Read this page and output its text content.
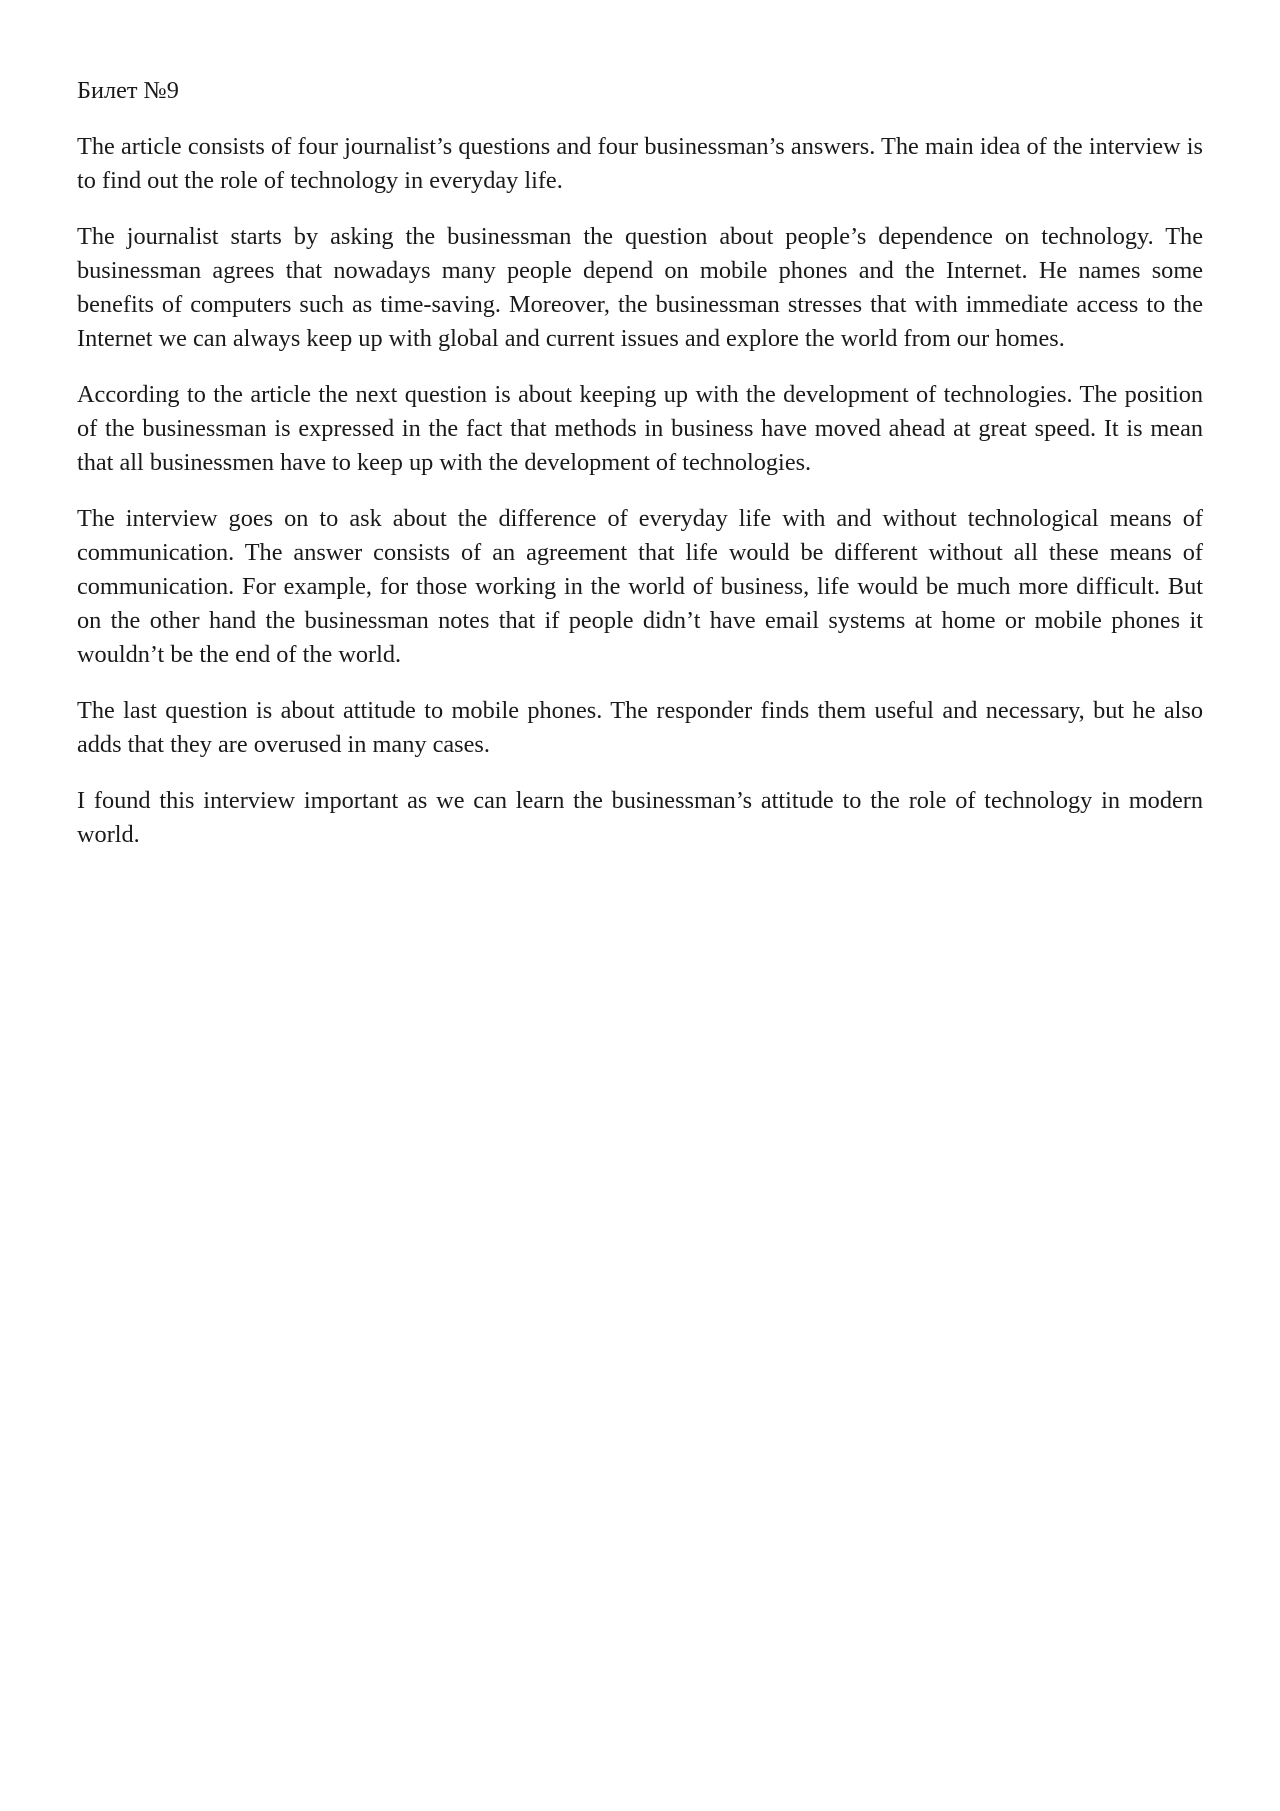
Билет №9

The article consists of four journalist’s questions and four businessman’s answers. The main idea of the interview is to find out the role of technology in everyday life.

The journalist starts by asking the businessman the question about people’s dependence on technology. The businessman agrees that nowadays many people depend on mobile phones and the Internet. He names some benefits of computers such as time-saving. Moreover, the businessman stresses that with immediate access to the Internet we can always keep up with global and current issues and explore the world from our homes.

According to the article the next question is about keeping up with the development of technologies. The position of the businessman is expressed in the fact that methods in business have moved ahead at great speed. It is mean that all businessmen have to keep up with the development of technologies.

The interview goes on to ask about the difference of everyday life with and without technological means of communication. The answer consists of an agreement that life would be different without all these means of communication. For example, for those working in the world of business, life would be much more difficult. But on the other hand the businessman notes that if people didn’t have email systems at home or mobile phones it wouldn’t be the end of the world.

The last question is about attitude to mobile phones. The responder finds them useful and necessary, but he also adds that they are overused in many cases.

I found this interview important as we can learn the businessman’s attitude to the role of technology in modern world.
